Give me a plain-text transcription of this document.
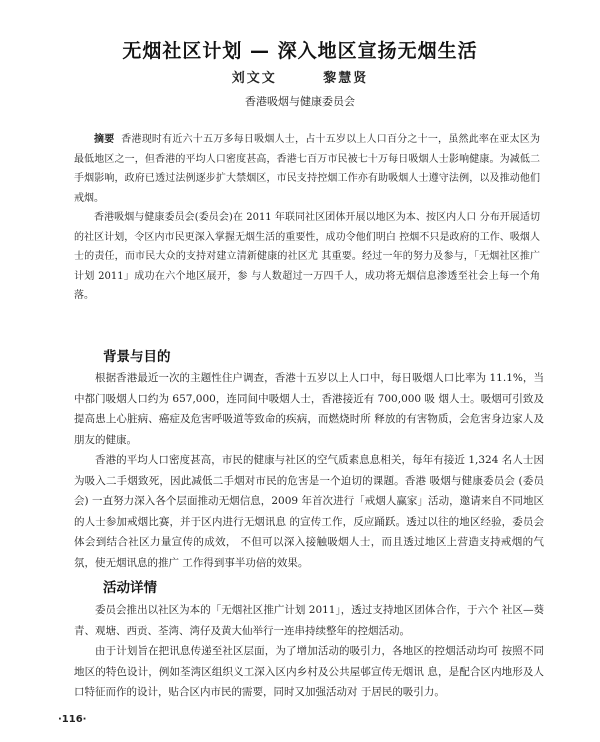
无烟社区计划 — 深入地区宣扬无烟生活
刘文文	黎慧贤
香港吸烟与健康委员会

摘要 香港现时有近六十五万多每日吸烟人士，占十五岁以上人口百分之十一，虽然此率在亚太区为最低地区之一，但香港的平均人口密度甚高，香港七百万市民被七十万每日吸烟人士影响健康。为减低二手烟影响，政府已透过法例逐步扩大禁烟区，市民支持控烟工作亦有助吸烟人士遵守法例，以及推动他们戒烟。

香港吸烟与健康委员会(委员会)在 2011 年联同社区团体开展以地区为本、按区内人口 分布开展适切的社区计划，令区内市民更深入掌握无烟生活的重要性，成功令他们明白 控烟不只是政府的工作、吸烟人士的责任，而市民大众的支持对建立清新健康的社区尤 其重要。经过一年的努力及参与，「无烟社区推广计划 2011」成功在六个地区展开，参 与人数超过一万四千人，成功将无烟信息渗透至社会上每一个角落。

背景与目的

根据香港最近一次的主题性住户调查，香港十五岁以上人口中，每日吸烟人口比率为 11.1%，当中都门吸烟人口约为 657,000，连同间中吸烟人士，香港接近有 700,000 吸 烟人士。吸烟可引致及提高患上心脏病、癌症及危害呼吸道等致命的疾病，而燃烧时所 释放的有害物质，会危害身边家人及朋友的健康。

香港的平均人口密度甚高，市民的健康与社区的空气质素息息相关，每年有接近 1,324 名人士因为吸入二手烟致死，因此减低二手烟对市民的危害是一个迫切的课题。香港 吸烟与健康委员会 (委员会) 一直努力深入各个层面推动无烟信息，2009 年首次进行「戒烟人赢家」活动，邀请来自不同地区的人士参加戒烟比赛，并于区内进行无烟讯息 的宣传工作，反应踊跃。透过以往的地区经验，委员会体会到结合社区力量宣传的成效， 不但可以深入接触吸烟人士，而且透过地区上营造支持戒烟的气氛，使无烟讯息的推广 工作得到事半功倍的效果。

活动详情

委员会推出以社区为本的「无烟社区推广计划 2011」，透过支持地区团体合作，于六个 社区—葵青、观塘、西贡、荃湾、湾仔及黄大仙举行一连串持续整年的控烟活动。

由于计划旨在把讯息传递至社区层面，为了增加活动的吸引力，各地区的控烟活动均可 按照不同地区的特色设计，例如荃湾区组织义工深入区内乡村及公共屋邨宣传无烟讯 息，是配合区内地形及人口特征而作的设计，贴合区内市民的需要，同时又加强活动对 于居民的吸引力。

·116·
